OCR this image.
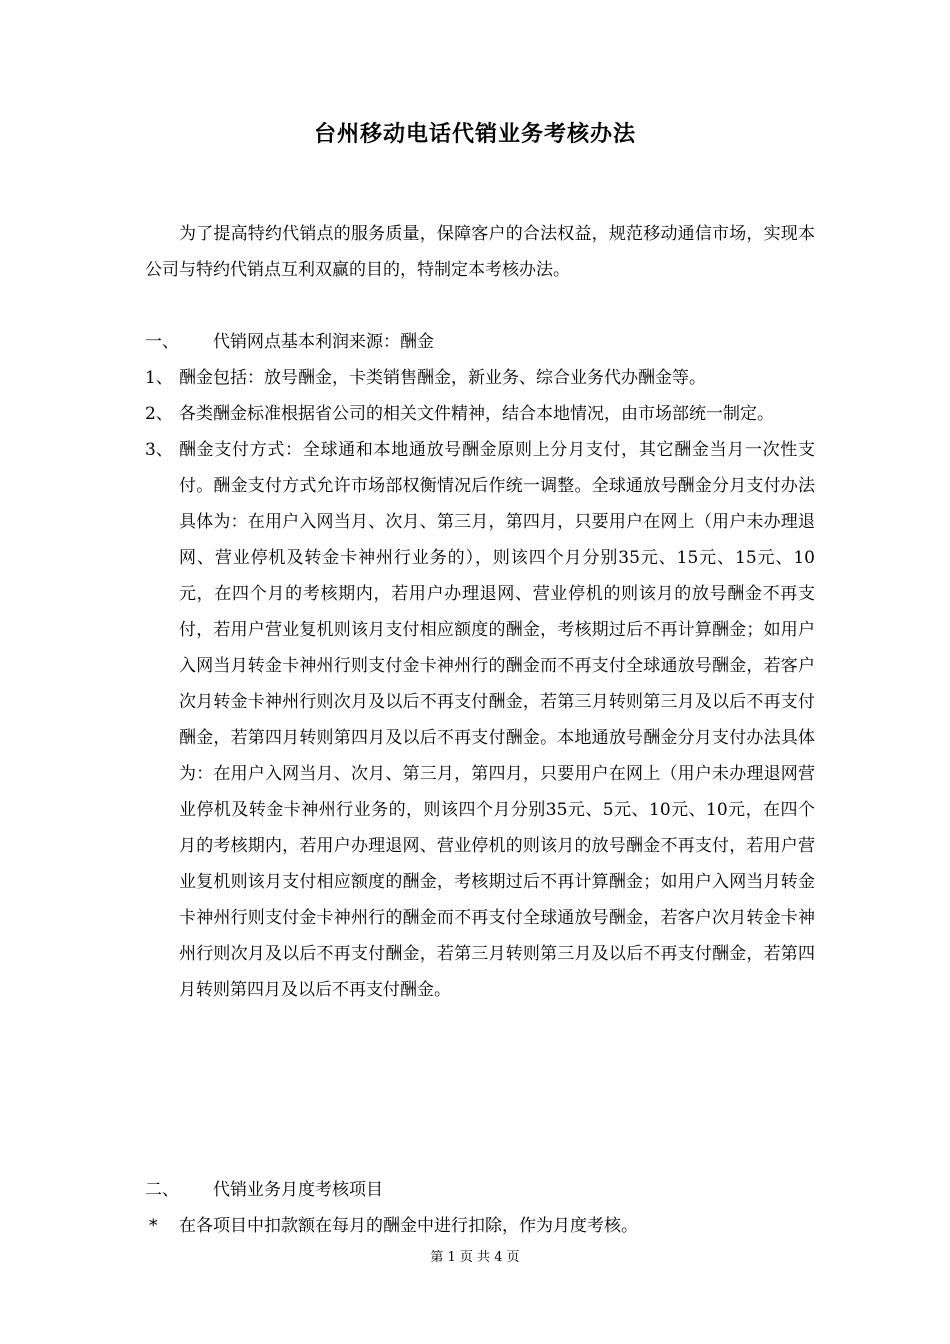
台州移动电话代销业务考核办法
为了提高特约代销点的服务质量，保障客户的合法权益，规范移动通信市场，实现本公司与特约代销点互利双赢的目的，特制定本考核办法。
一、 代销网点基本利润来源：酬金
1、 酬金包括：放号酬金，卡类销售酬金，新业务、综合业务代办酬金等。
2、 各类酬金标准根据省公司的相关文件精神，结合本地情况，由市场部统一制定。
3、 酬金支付方式：全球通和本地通放号酬金原则上分月支付，其它酬金当月一次性支付。酬金支付方式允许市场部权衡情况后作统一调整。全球通放号酬金分月支付办法具体为：在用户入网当月、次月、第三月，第四月，只要用户在网上（用户未办理退网、营业停机及转金卡神州行业务的），则该四个月分别35元、15元、15元、10元，在四个月的考核期内，若用户办理退网、营业停机的则该月的放号酬金不再支付，若用户营业复机则该月支付相应额度的酬金，考核期过后不再计算酬金；如用户入网当月转金卡神州行则支付金卡神州行的酬金而不再支付全球通放号酬金，若客户次月转金卡神州行则次月及以后不再支付酬金，若第三月转则第三月及以后不再支付酬金，若第四月转则第四月及以后不再支付酬金。本地通放号酬金分月支付办法具体为：在用户入网当月、次月、第三月，第四月，只要用户在网上（用户未办理退网营业停机及转金卡神州行业务的，则该四个月分别35元、5元、10元、10元，在四个月的考核期内，若用户办理退网、营业停机的则该月的放号酬金不再支付，若用户营业复机则该月支付相应额度的酬金，考核期过后不再计算酬金；如用户入网当月转金卡神州行则支付金卡神州行的酬金而不再支付全球通放号酬金，若客户次月转金卡神州行则次月及以后不再支付酬金，若第三月转则第三月及以后不再支付酬金，若第四月转则第四月及以后不再支付酬金。
二、 代销业务月度考核项目
* 在各项目中扣款额在每月的酬金中进行扣除，作为月度考核。
第 1 页 共 4 页
